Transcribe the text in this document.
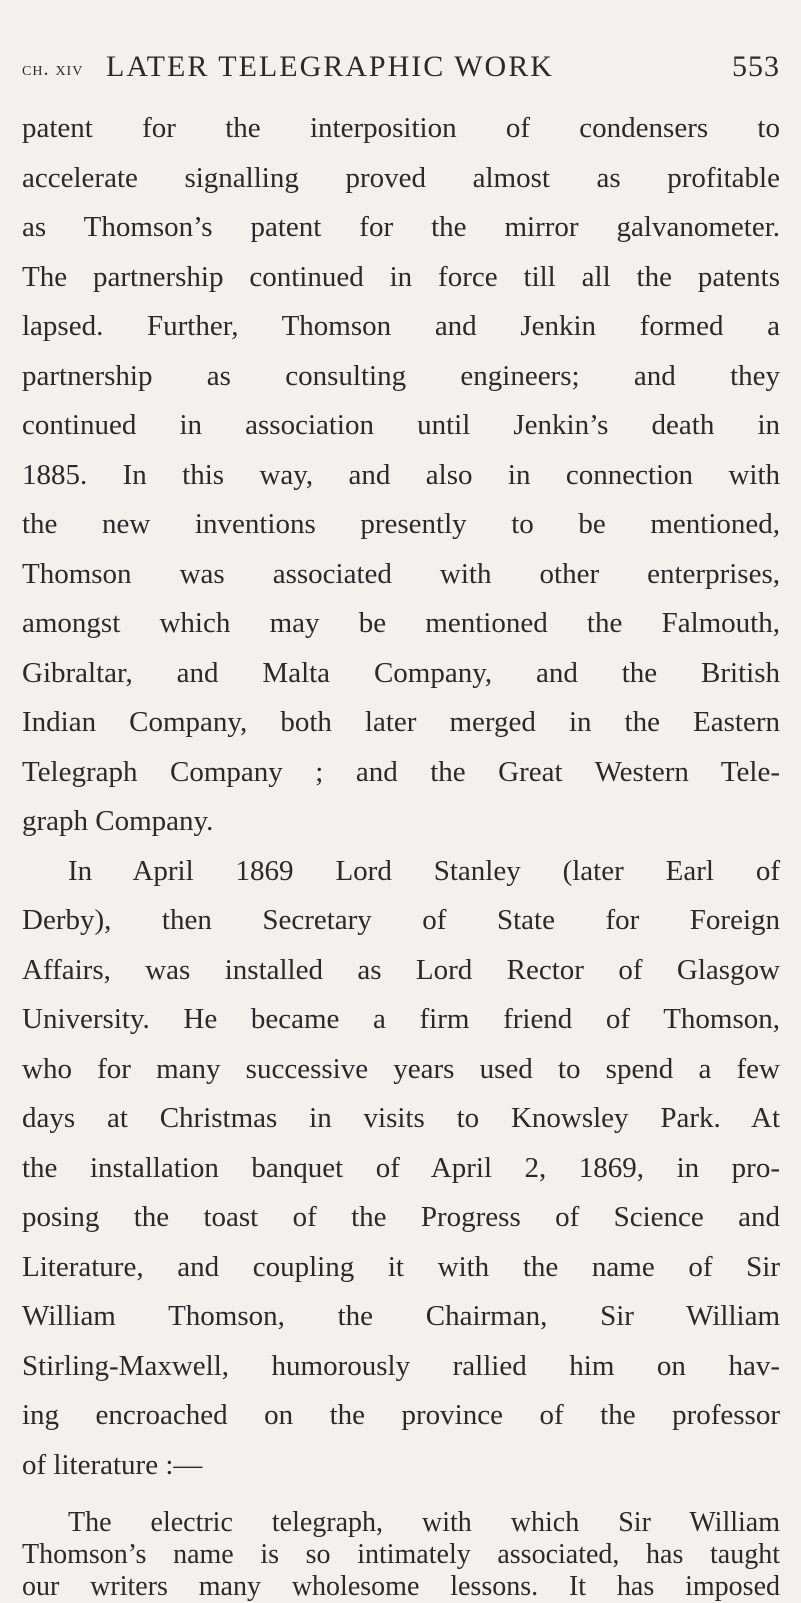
ch. xiv LATER TELEGRAPHIC WORK	553
patent for the interposition of condensers to
accelerate signalling proved almost as profitable
as Thomson’s patent for the mirror galvanometer.
The partnership continued in force till all the patents
lapsed. Further, Thomson and Jenkin formed a
partnership as consulting engineers; and they
continued in association until Jenkin’s death in
1885. In this way, and also in connection with
the new inventions presently to be mentioned,
Thomson was associated with other enterprises,
amongst which may be mentioned the Falmouth,
Gibraltar, and Malta Company, and the British
Indian Company, both later merged in the Eastern
Telegraph Company ; and the Great Western Tele-
graph Company.
In April 1869 Lord Stanley (later Earl of
Derby), then Secretary of State for Foreign
Affairs, was installed as Lord Rector of Glasgow
University. He became a firm friend of Thomson,
who for many successive years used to spend a few
days at Christmas in visits to Knowsley Park. At
the installation banquet of April 2, 1869, in pro-
posing the toast of the Progress of Science and
Literature, and coupling it with the name of Sir
William Thomson, the Chairman, Sir William
Stirling-Maxwell, humorously rallied him on hav-
ing encroached on the province of the professor
of literature :—
The electric telegraph, with which Sir William
Thomson’s name is so intimately associated, has taught
our writers many wholesome lessons. It has imposed
